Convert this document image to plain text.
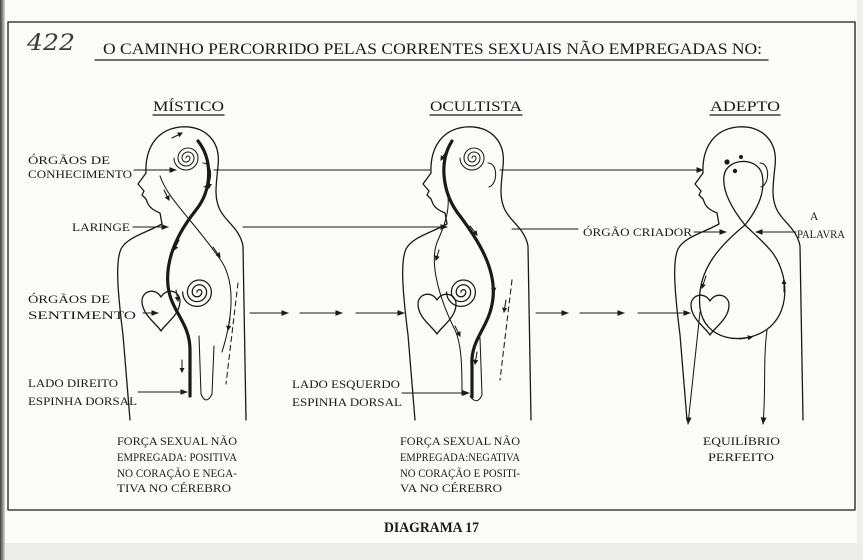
422 O CAMINHO PERCORRIDO PELAS CORRENTES SEXUAIS NÃO EMPREGADAS NO:
MÍSTICO	OCULTISTA	ADEPTO
ÓRGÃOS DE
CONHECIMENTO
LARINGE
ÓRGÃOS DE
SENTIMENTO
LADO DIREITO
ESPINHA DORSAL
LADO ESQUERDO
ESPINHA DORSAL
ÓRGÃO CRIADOR
A
PALAVRA
FORÇA SEXUAL NÃO
EMPREGADA: POSITIVA
NO CORAÇÃO E NEGA-
TIVA NO CÉREBRO
FORÇA SEXUAL NÃO
EMPREGADA:NEGATIVA
NO CORAÇÃO E POSITI-
VA NO CÉREBRO
EQUILÍBRIO
PERFEITO
DIAGRAMA 17
